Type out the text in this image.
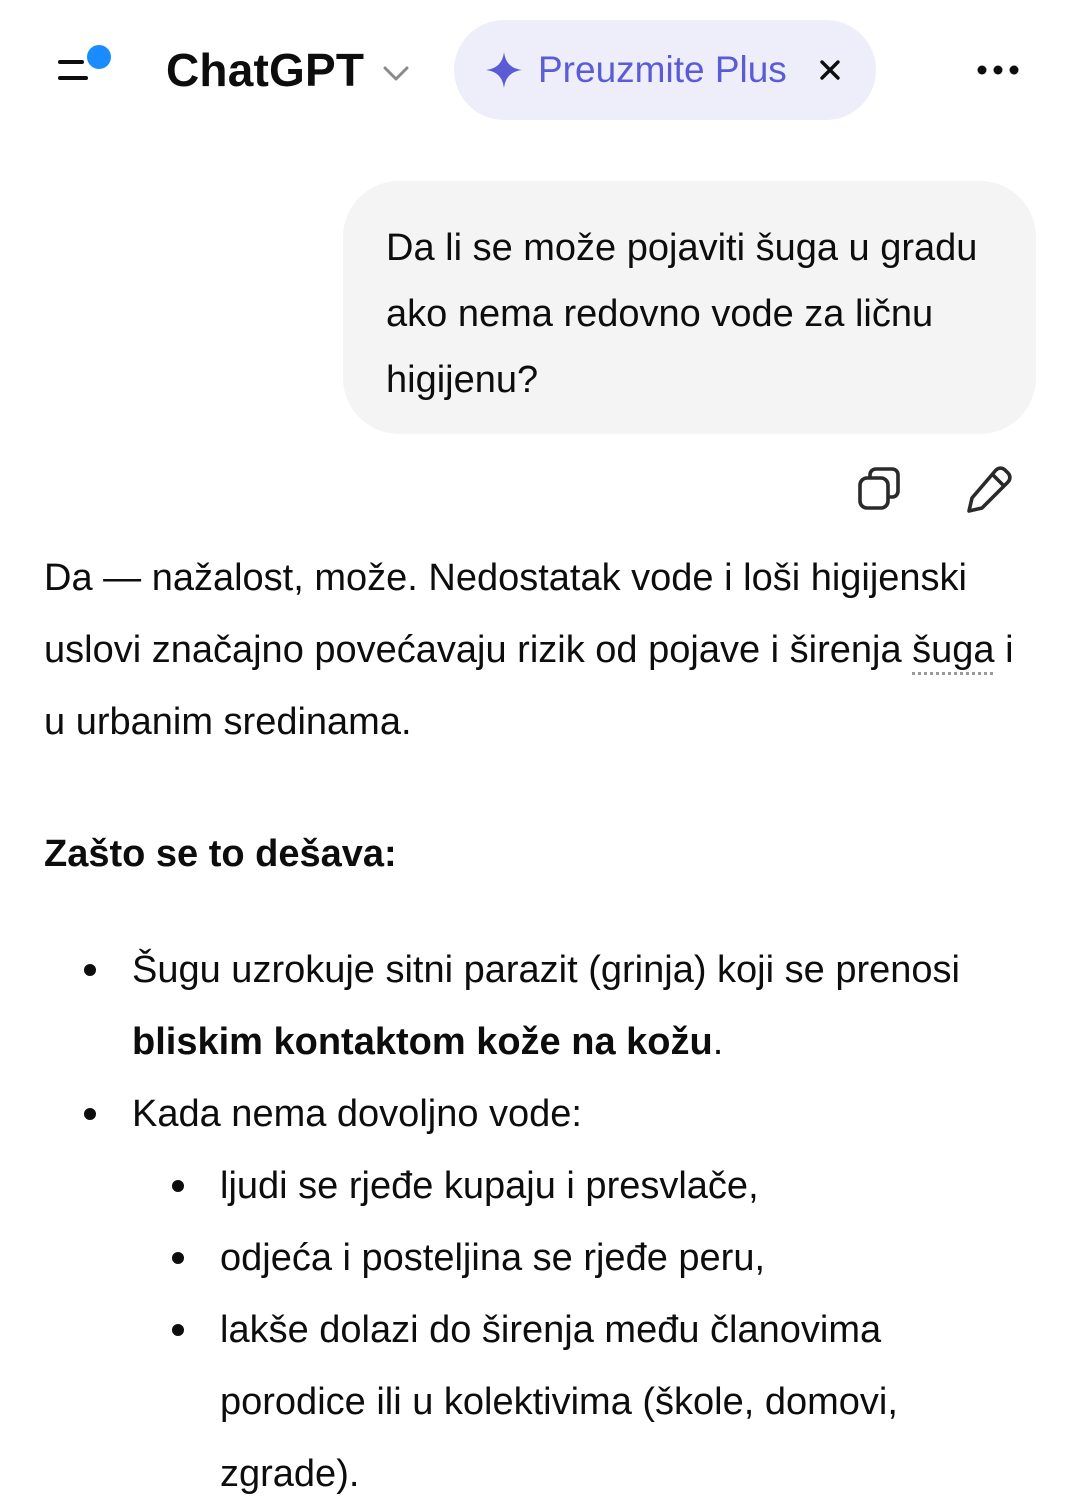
ChatGPT	Preuzmite Plus

Da li se može pojaviti šuga u gradu ako nema redovno vode za ličnu higijenu?

Da — nažalost, može. Nedostatak vode i loši higijenski uslovi značajno povećavaju rizik od pojave i širenja šuga i u urbanim sredinama.

Zašto se to dešava:

Šugu uzrokuje sitni parazit (grinja) koji se prenosi bliskim kontaktom kože na kožu.
Kada nema dovoljno vode:
ljudi se rjeđe kupaju i presvlače,
odjeća i posteljina se rjeđe peru,
lakše dolazi do širenja među članovima porodice ili u kolektivima (škole, domovi, zgrade).
